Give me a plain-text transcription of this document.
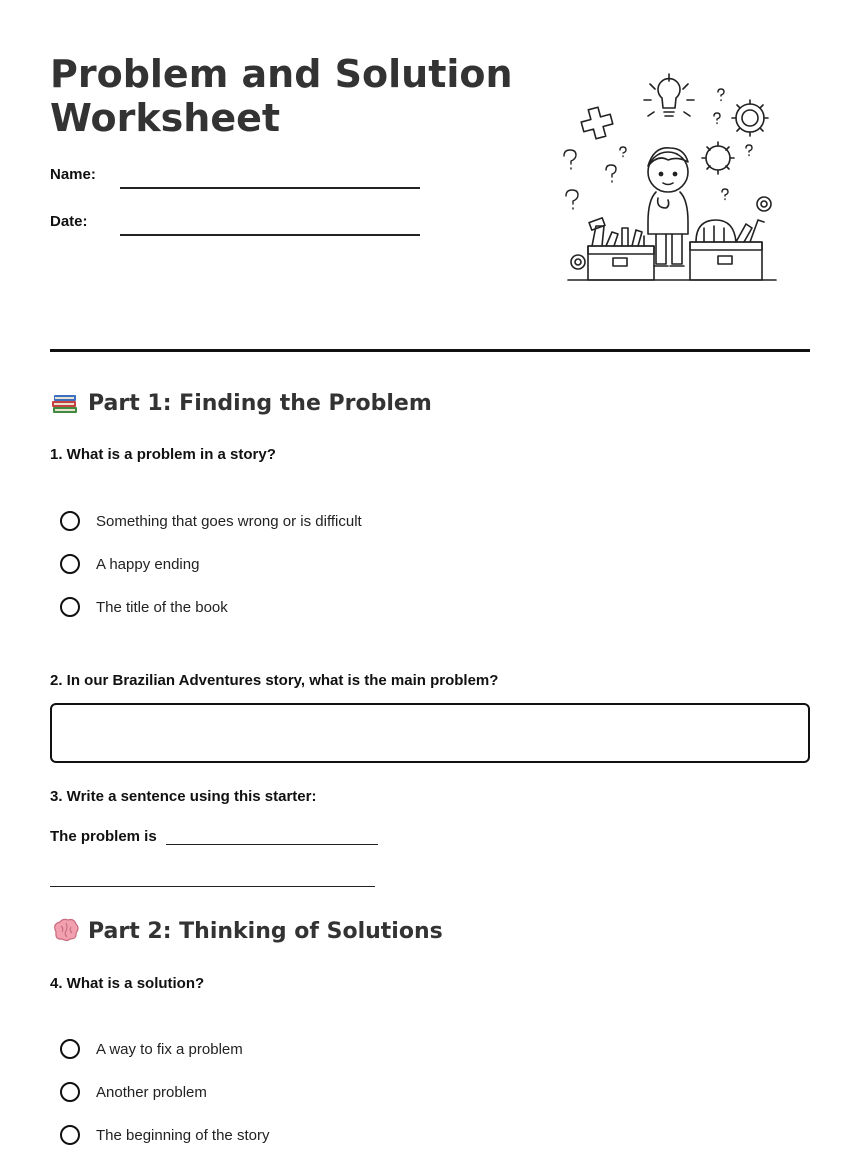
Problem and Solution Worksheet
Name:
Date:
Part 1: Finding the Problem
1. What is a problem in a story?
Something that goes wrong or is difficult
A happy ending
The title of the book
2. In our Brazilian Adventures story, what is the main problem?
3. Write a sentence using this starter:
The problem is
Part 2: Thinking of Solutions
4. What is a solution?
A way to fix a problem
Another problem
The beginning of the story
